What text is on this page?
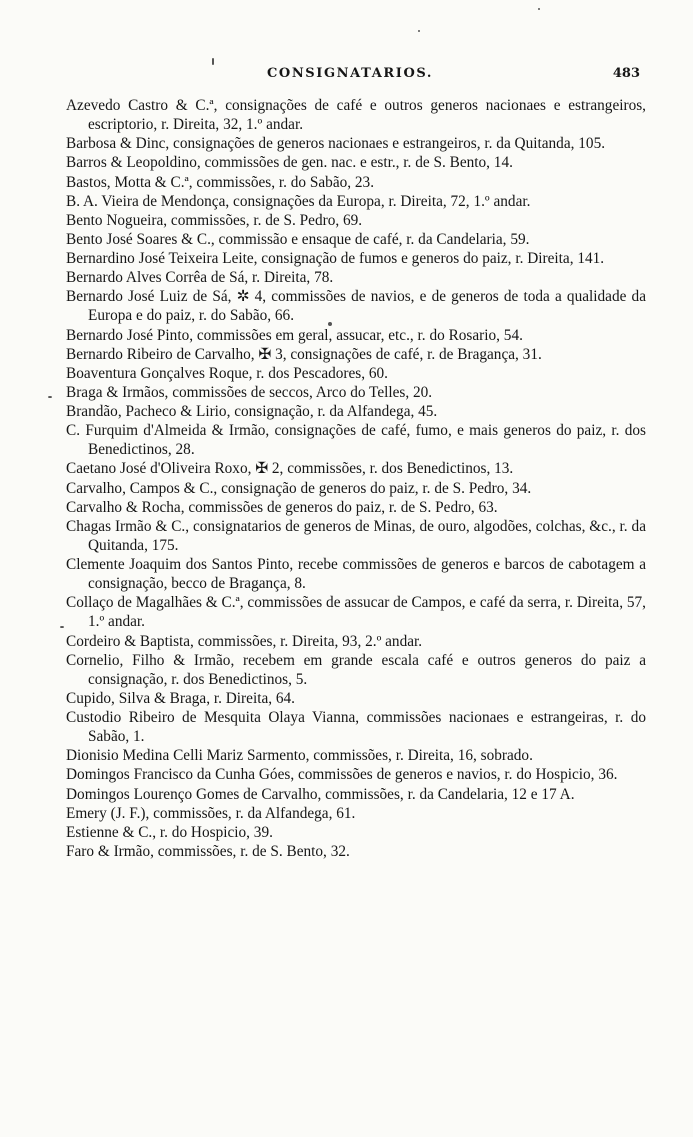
CONSIGNATARIOS.	483
Azevedo Castro & C.ª, consignações de café e outros generos nacionaes e estrangeiros, escriptorio, r. Direita, 32, 1.º andar.
Barbosa & Dinc, consignações de generos nacionaes e estrangeiros, r. da Quitanda, 105.
Barros & Leopoldino, commissões de gen. nac. e estr., r. de S. Bento, 14.
Bastos, Motta & C.ª, commissões, r. do Sabão, 23.
B. A. Vieira de Mendonça, consignações da Europa, r. Direita, 72, 1.º andar.
Bento Nogueira, commissões, r. de S. Pedro, 69.
Bento José Soares & C., commissão e ensaque de café, r. da Candelaria, 59.
Bernardino José Teixeira Leite, consignação de fumos e generos do paiz, r. Direita, 141.
Bernardo Alves Corrêa de Sá, r. Direita, 78.
Bernardo José Luiz de Sá, ✲ 4, commissões de navios, e de generos de toda a qualidade da Europa e do paiz, r. do Sabão, 66.
Bernardo José Pinto, commissões em geral, assucar, etc., r. do Rosario, 54.
Bernardo Ribeiro de Carvalho, ✠ 3, consignações de café, r. de Bragança, 31.
Boaventura Gonçalves Roque, r. dos Pescadores, 60.
Braga & Irmãos, commissões de seccos, Arco do Telles, 20.
Brandão, Pacheco & Lirio, consignação, r. da Alfandega, 45.
C. Furquim d'Almeida & Irmão, consignações de café, fumo, e mais generos do paiz, r. dos Benedictinos, 28.
Caetano José d'Oliveira Roxo, ✠ 2, commissões, r. dos Benedictinos, 13.
Carvalho, Campos & C., consignação de generos do paiz, r. de S. Pedro, 34.
Carvalho & Rocha, commissões de generos do paiz, r. de S. Pedro, 63.
Chagas Irmão & C., consignatarios de generos de Minas, de ouro, algodões, colchas, &c., r. da Quitanda, 175.
Clemente Joaquim dos Santos Pinto, recebe commissões de generos e barcos de cabotagem a consignação, becco de Bragança, 8.
Collaço de Magalhães & C.ª, commissões de assucar de Campos, e café da serra, r. Direita, 57, 1.º andar.
Cordeiro & Baptista, commissões, r. Direita, 93, 2.º andar.
Cornelio, Filho & Irmão, recebem em grande escala café e outros generos do paiz a consignação, r. dos Benedictinos, 5.
Cupido, Silva & Braga, r. Direita, 64.
Custodio Ribeiro de Mesquita Olaya Vianna, commissões nacionaes e estrangeiras, r. do Sabão, 1.
Dionisio Medina Celli Mariz Sarmento, commissões, r. Direita, 16, sobrado.
Domingos Francisco da Cunha Góes, commissões de generos e navios, r. do Hospicio, 36.
Domingos Lourenço Gomes de Carvalho, commissões, r. da Candelaria, 12 e 17 A.
Emery (J. F.), commissões, r. da Alfandega, 61.
Estienne & C., r. do Hospicio, 39.
Faro & Irmão, commissões, r. de S. Bento, 32.
